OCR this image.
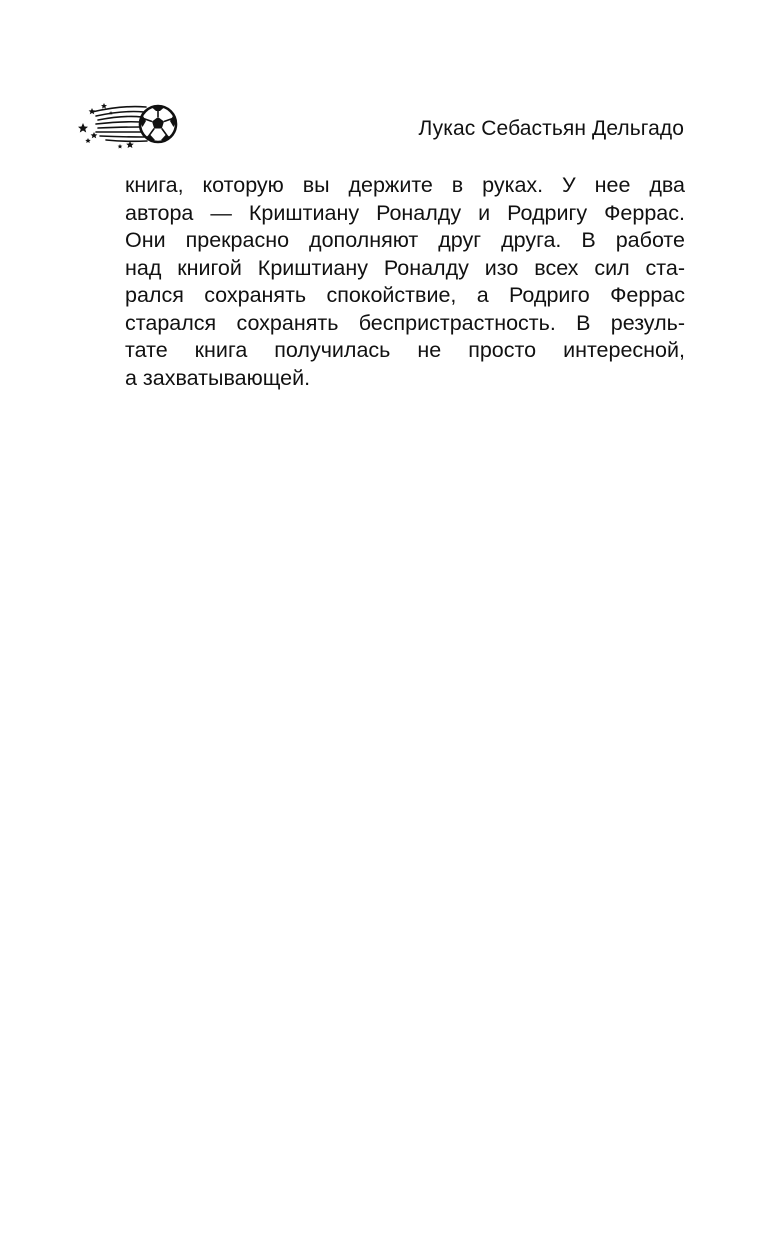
Лукас Себастьян Дельгадо
книга, которую вы держите в руках. У нее два
автора — Криштиану Роналду и Родригу Феррас.
Они прекрасно дополняют друг друга. В работе
над книгой Криштиану Роналду изо всех сил ста-
рался сохранять спокойствие, а Родриго Феррас
старался сохранять беспристрастность. В резуль-
тате книга получилась не просто интересной,
а захватывающей.
